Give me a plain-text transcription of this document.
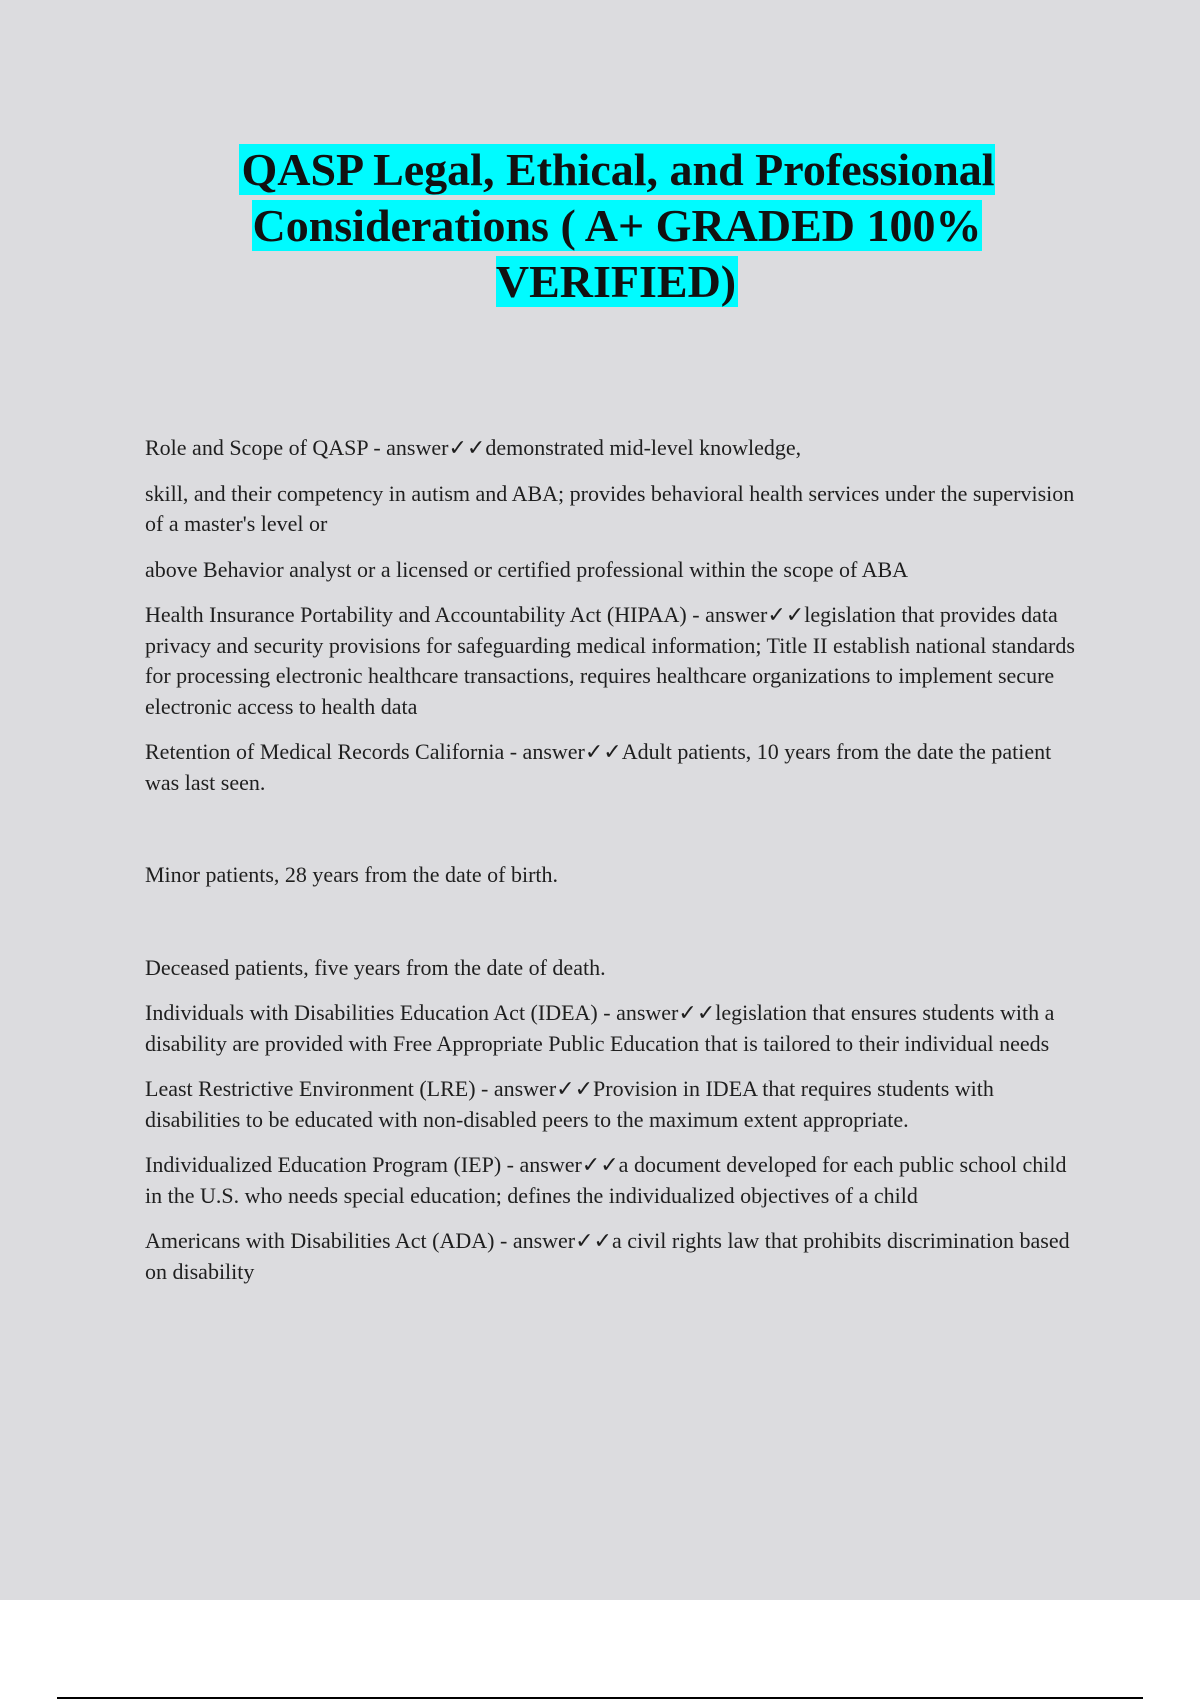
QASP Legal, Ethical, and Professional Considerations ( A+ GRADED 100% VERIFIED)

Role and Scope of QASP - answer✓✓demonstrated mid-level knowledge,

skill, and their competency in autism and ABA; provides behavioral health services under the supervision of a master's level or

above Behavior analyst or a licensed or certified professional within the scope of ABA

Health Insurance Portability and Accountability Act (HIPAA) - answer✓✓legislation that provides data privacy and security provisions for safeguarding medical information; Title II establish national standards for processing electronic healthcare transactions, requires healthcare organizations to implement secure electronic access to health data

Retention of Medical Records California - answer✓✓Adult patients, 10 years from the date the patient was last seen.

Minor patients, 28 years from the date of birth.

Deceased patients, five years from the date of death.

Individuals with Disabilities Education Act (IDEA) - answer✓✓legislation that ensures students with a disability are provided with Free Appropriate Public Education that is tailored to their individual needs

Least Restrictive Environment (LRE) - answer✓✓Provision in IDEA that requires students with disabilities to be educated with non-disabled peers to the maximum extent appropriate.

Individualized Education Program (IEP) - answer✓✓a document developed for each public school child in the U.S. who needs special education; defines the individualized objectives of a child

Americans with Disabilities Act (ADA) - answer✓✓a civil rights law that prohibits discrimination based on disability
